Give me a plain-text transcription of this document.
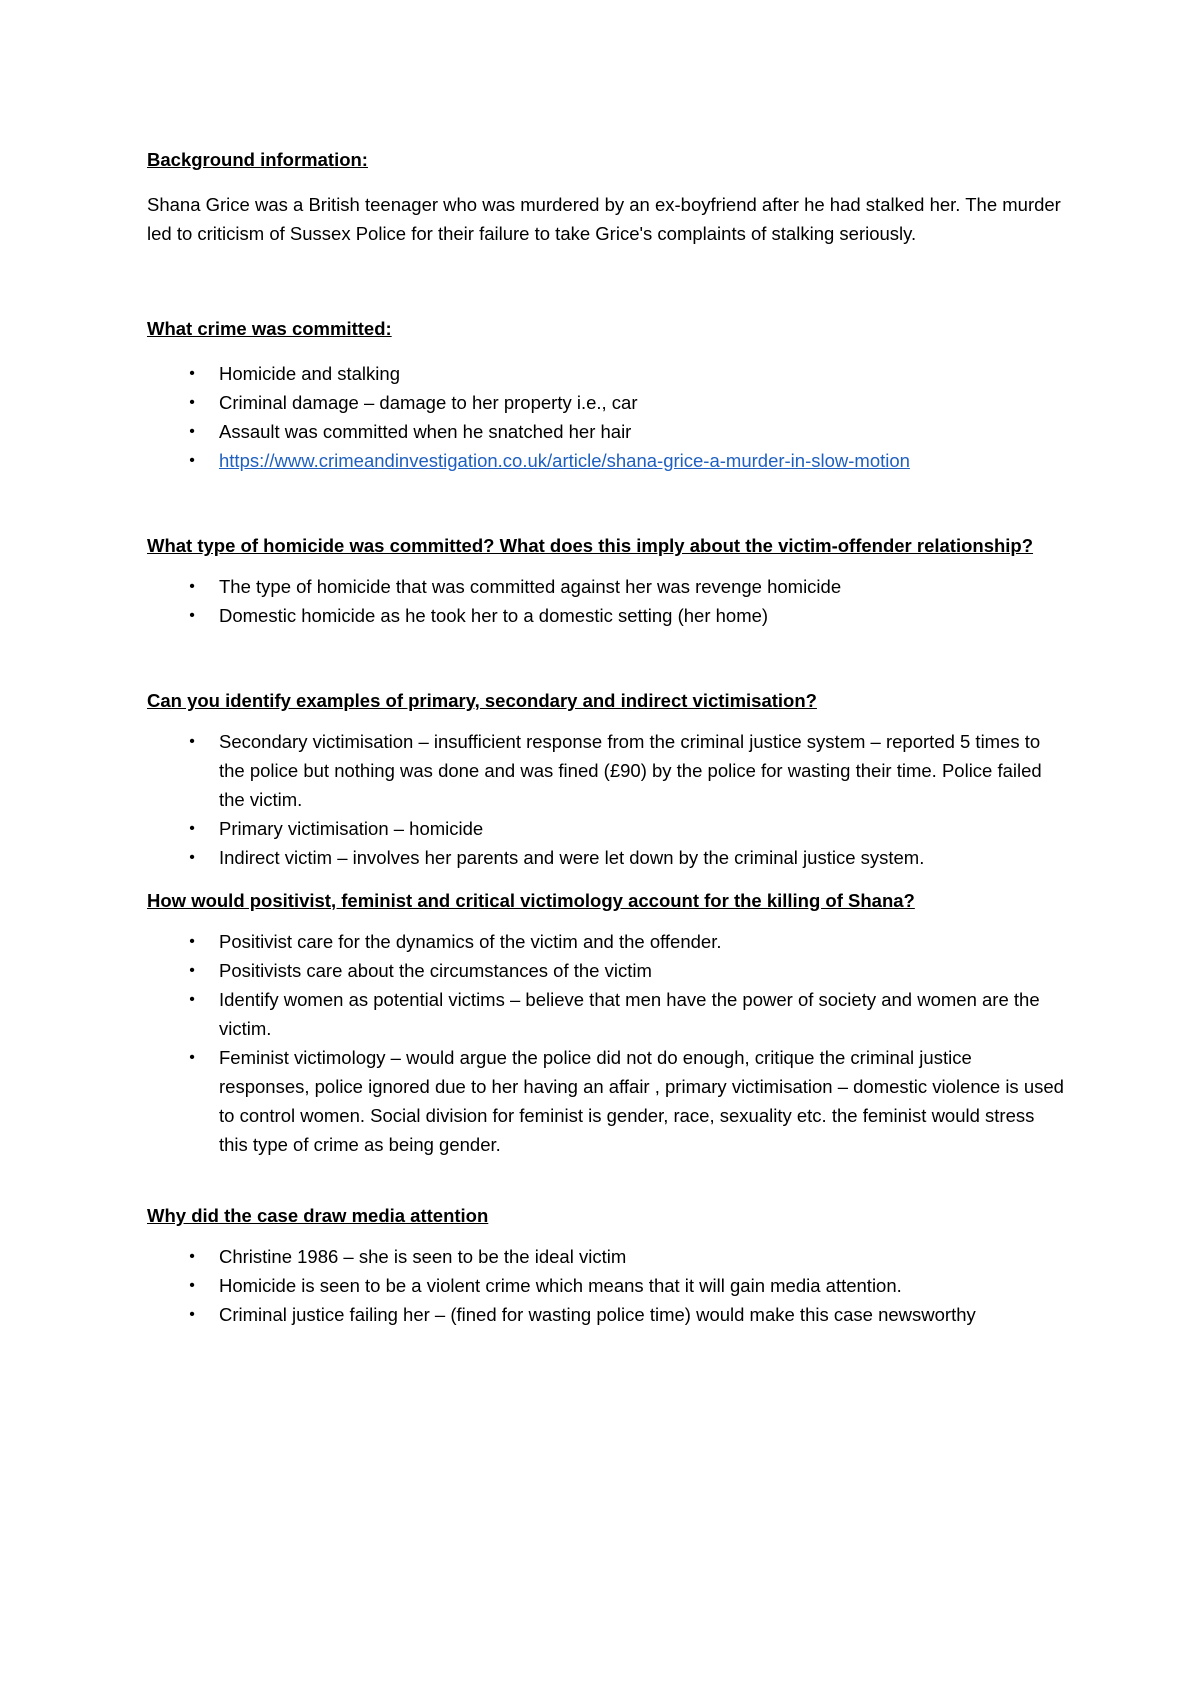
Background information:

Shana Grice was a British teenager who was murdered by an ex-boyfriend after he had stalked her. The murder led to criticism of Sussex Police for their failure to take Grice's complaints of stalking seriously.

What crime was committed:
• Homicide and stalking
• Criminal damage – damage to her property i.e., car
• Assault was committed when he snatched her hair
• https://www.crimeandinvestigation.co.uk/article/shana-grice-a-murder-in-slow-motion
What type of homicide was committed? What does this imply about the victim-offender relationship?
• The type of homicide that was committed against her was revenge homicide
• Domestic homicide as he took her to a domestic setting (her home)
Can you identify examples of primary, secondary and indirect victimisation?
• Secondary victimisation – insufficient response from the criminal justice system – reported 5 times to the police but nothing was done and was fined (£90) by the police for wasting their time. Police failed the victim.
• Primary victimisation – homicide
• Indirect victim – involves her parents and were let down by the criminal justice system.
How would positivist, feminist and critical victimology account for the killing of Shana?
• Positivist care for the dynamics of the victim and the offender.
• Positivists care about the circumstances of the victim
• Identify women as potential victims – believe that men have the power of society and women are the victim.
• Feminist victimology – would argue the police did not do enough, critique the criminal justice responses, police ignored due to her having an affair , primary victimisation – domestic violence is used to control women. Social division for feminist is gender, race, sexuality etc. the feminist would stress this type of crime as being gender.
Why did the case draw media attention
• Christine 1986 – she is seen to be the ideal victim
• Homicide is seen to be a violent crime which means that it will gain media attention.
• Criminal justice failing her – (fined for wasting police time) would make this case newsworthy
